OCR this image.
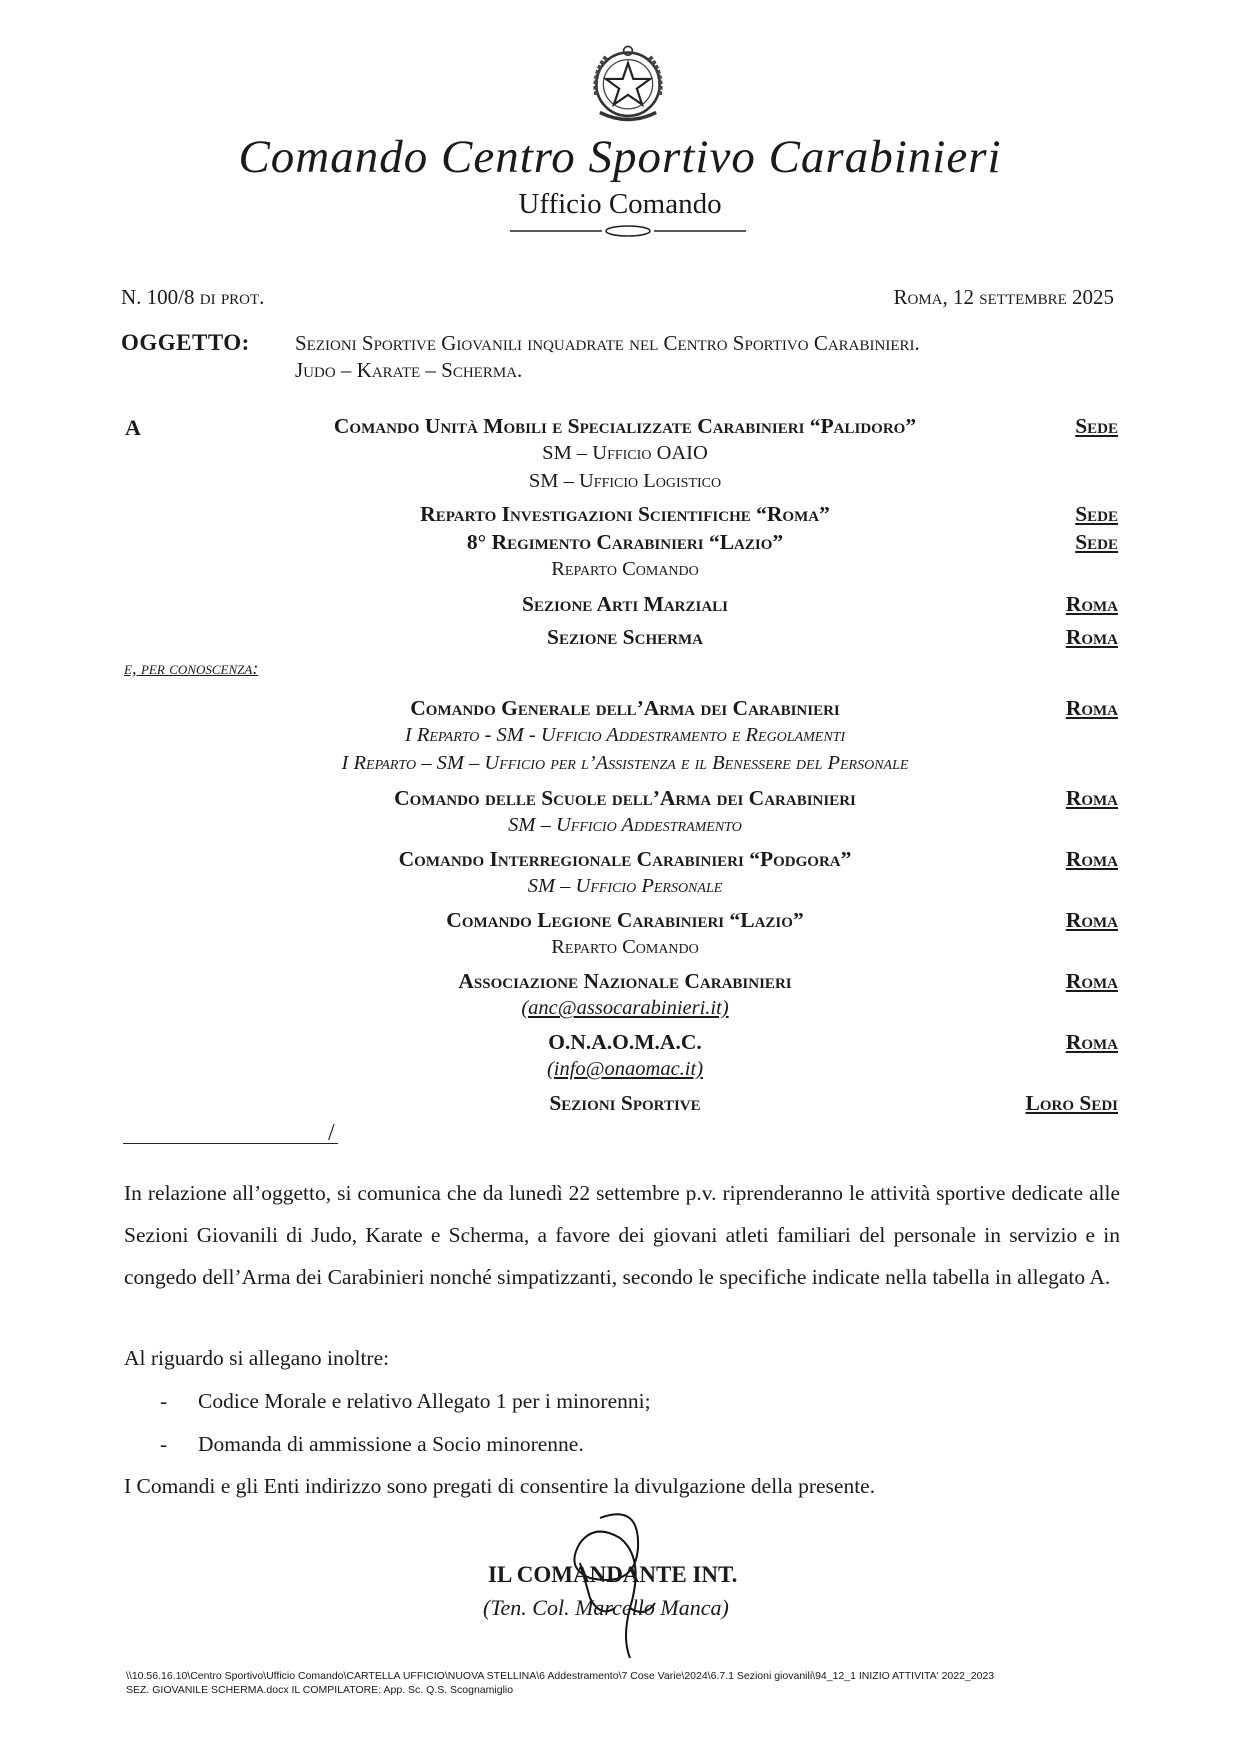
Comando Centro Sportivo Carabinieri
Ufficio Comando
N. 100/8 di prot.	Roma, 12 settembre 2025
OGGETTO: Sezioni Sportive Giovanili inquadrate nel Centro Sportivo Carabinieri.
Judo – Karate – Scherma.
A	Comando Unità Mobili e Specializzate Carabinieri “Palidoro”	Sede
SM – Ufficio OAIO
SM – Ufficio Logistico
Reparto Investigazioni Scientifiche “Roma”	Sede
8° Regimento Carabinieri “Lazio”	Sede
Reparto Comando
Sezione Arti Marziali	Roma
Sezione Scherma	Roma
e, per conoscenza:
Comando Generale dell’Arma dei Carabinieri	Roma
I Reparto - SM - Ufficio Addestramento e Regolamenti
I Reparto – SM – Ufficio per l’Assistenza e il Benessere del Personale
Comando delle Scuole dell’Arma dei Carabinieri	Roma
SM – Ufficio Addestramento
Comando Interregionale Carabinieri “Podgora”	Roma
SM – Ufficio Personale
Comando Legione Carabinieri “Lazio”	Roma
Reparto Comando
Associazione Nazionale Carabinieri	Roma
(anc@assocarabinieri.it)
O.N.A.O.M.A.C.	Roma
(info@onaomac.it)
Sezioni Sportive	Loro Sedi
/
In relazione all’oggetto, si comunica che da lunedì 22 settembre p.v. riprenderanno le attività sportive dedicate alle Sezioni Giovanili di Judo, Karate e Scherma, a favore dei giovani atleti familiari del personale in servizio e in congedo dell’Arma dei Carabinieri nonché simpatizzanti, secondo le specifiche indicate nella tabella in allegato A.
Al riguardo si allegano inoltre:
- Codice Morale e relativo Allegato 1 per i minorenni;
- Domanda di ammissione a Socio minorenne.
I Comandi e gli Enti indirizzo sono pregati di consentire la divulgazione della presente.
IL COMANDANTE INT.
(Ten. Col. Marcello Manca)
\\10.56.16.10\Centro Sportivo\Ufficio Comando\CARTELLA UFFICIO\NUOVA STELLINA\6 Addestramento\7 Cose Varie\2024\6.7.1 Sezioni giovanili\94_12_1 INIZIO ATTIVITA' 2022_2023
SEZ. GIOVANILE SCHERMA.docx IL COMPILATORE: App. Sc. Q.S. Scognamiglio
